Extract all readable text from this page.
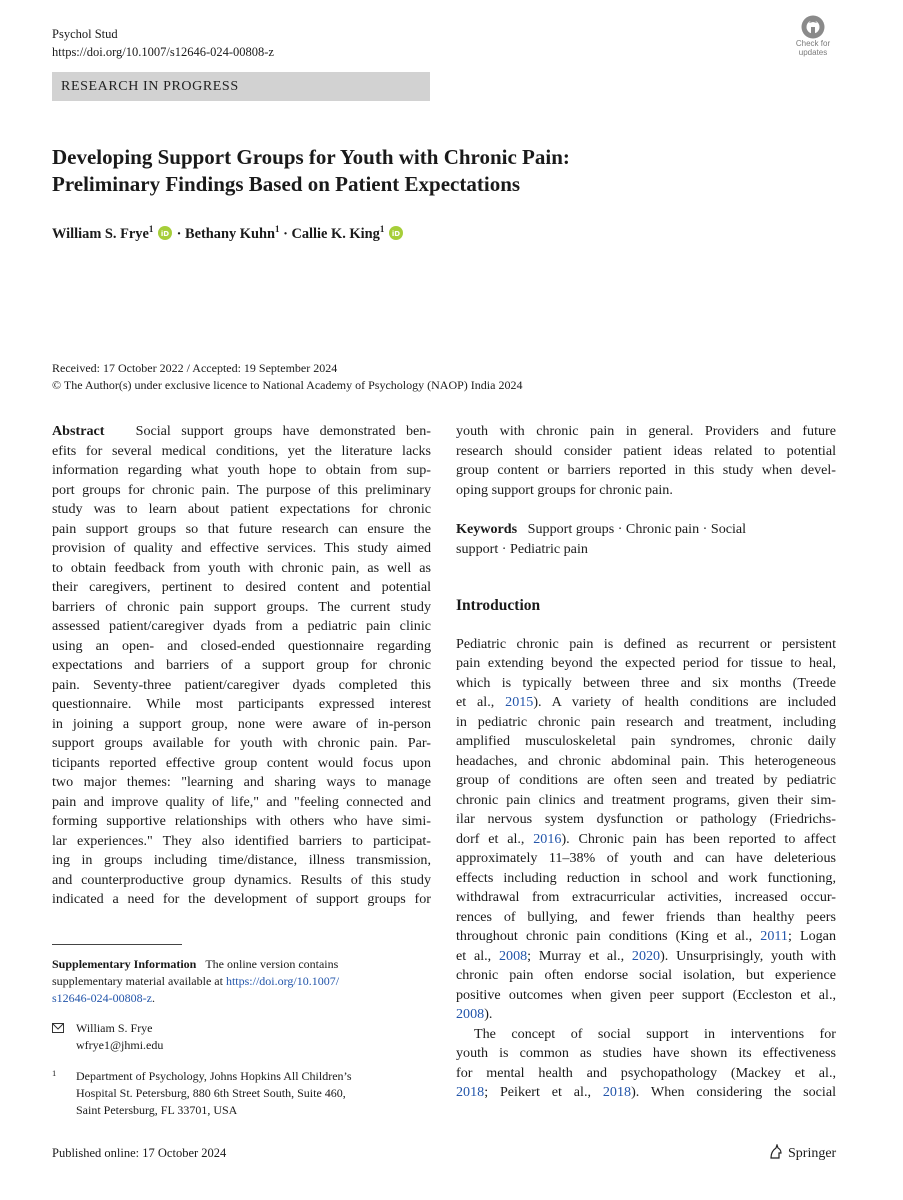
Psychol Stud
https://doi.org/10.1007/s12646-024-00808-z
Check for
updates
RESEARCH IN PROGRESS
Developing Support Groups for Youth with Chronic Pain:
Preliminary Findings Based on Patient Expectations
William S. Frye$^1$ iD · Bethany Kuhn$^1$ · Callie K. King$^1$ iD
Received: 17 October 2022 / Accepted: 19 September 2024
© The Author(s) under exclusive licence to National Academy of Psychology (NAOP) India 2024
Abstract Social support groups have demonstrated ben-
efits for several medical conditions, yet the literature lacks
information regarding what youth hope to obtain from sup-
port groups for chronic pain. The purpose of this preliminary
study was to learn about patient expectations for chronic
pain support groups so that future research can ensure the
provision of quality and effective services. This study aimed
to obtain feedback from youth with chronic pain, as well as
their caregivers, pertinent to desired content and potential
barriers of chronic pain support groups. The current study
assessed patient/caregiver dyads from a pediatric pain clinic
using an open- and closed-ended questionnaire regarding
expectations and barriers of a support group for chronic
pain. Seventy-three patient/caregiver dyads completed this
questionnaire. While most participants expressed interest
in joining a support group, none were aware of in-person
support groups available for youth with chronic pain. Par-
ticipants reported effective group content would focus upon
two major themes: "learning and sharing ways to manage
pain and improve quality of life," and "feeling connected and
forming supportive relationships with others who have simi-
lar experiences." They also identified barriers to participat-
ing in groups including time/distance, illness transmission,
and counterproductive group dynamics. Results of this study
indicated a need for the development of support groups for
Supplementary Information The online version contains
supplementary material available at https://doi.org/10.1007/
s12646-024-00808-z.
William S. Frye
wfrye1@jhmi.edu
1	Department of Psychology, Johns Hopkins All Children’s
Hospital St. Petersburg, 880 6th Street South, Suite 460,
Saint Petersburg, FL 33701, USA
youth with chronic pain in general. Providers and future
research should consider patient ideas related to potential
group content or barriers reported in this study when devel-
oping support groups for chronic pain.
Keywords Support groups · Chronic pain · Social
support · Pediatric pain
Introduction
Pediatric chronic pain is defined as recurrent or persistent
pain extending beyond the expected period for tissue to heal,
which is typically between three and six months (Treede
et al., 2015). A variety of health conditions are included
in pediatric chronic pain research and treatment, including
amplified musculoskeletal pain syndromes, chronic daily
headaches, and chronic abdominal pain. This heterogeneous
group of conditions are often seen and treated by pediatric
chronic pain clinics and treatment programs, given their sim-
ilar nervous system dysfunction or pathology (Friedrichs-
dorf et al., 2016). Chronic pain has been reported to affect
approximately 11–38% of youth and can have deleterious
effects including reduction in school and work functioning,
withdrawal from extracurricular activities, increased occur-
rences of bullying, and fewer friends than healthy peers
throughout chronic pain conditions (King et al., 2011; Logan
et al., 2008; Murray et al., 2020). Unsurprisingly, youth with
chronic pain often endorse social isolation, but experience
positive outcomes when given peer support (Eccleston et al.,
2008).
The concept of social support in interventions for
youth is common as studies have shown its effectiveness
for mental health and psychopathology (Mackey et al.,
2018; Peikert et al., 2018). When considering the social
Published online: 17 October 2024	Springer
